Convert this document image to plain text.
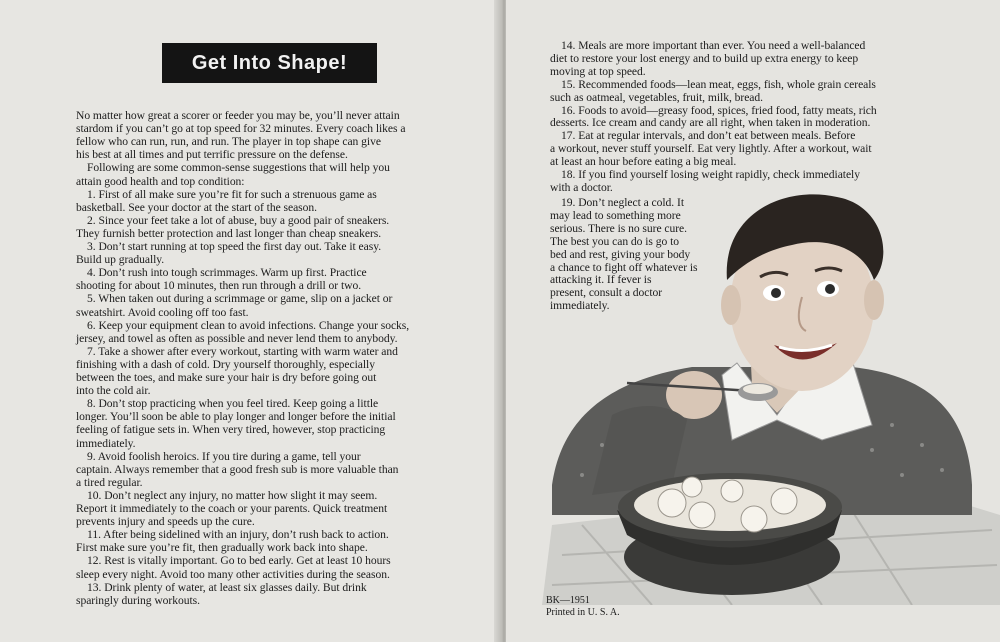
Get Into Shape!
No matter how great a scorer or feeder you may be, you’ll never attain
stardom if you can’t go at top speed for 32 minutes. Every coach likes a
fellow who can run, run, and run. The player in top shape can give
his best at all times and put terrific pressure on the defense.
Following are some common-sense suggestions that will help you
attain good health and top condition:
1. First of all make sure you’re fit for such a strenuous game as
basketball. See your doctor at the start of the season.
2. Since your feet take a lot of abuse, buy a good pair of sneakers.
They furnish better protection and last longer than cheap sneakers.
3. Don’t start running at top speed the first day out. Take it easy.
Build up gradually.
4. Don’t rush into tough scrimmages. Warm up first. Practice
shooting for about 10 minutes, then run through a drill or two.
5. When taken out during a scrimmage or game, slip on a jacket or
sweatshirt. Avoid cooling off too fast.
6. Keep your equipment clean to avoid infections. Change your socks,
jersey, and towel as often as possible and never lend them to anybody.
7. Take a shower after every workout, starting with warm water and
finishing with a dash of cold. Dry yourself thoroughly, especially
between the toes, and make sure your hair is dry before going out
into the cold air.
8. Don’t stop practicing when you feel tired. Keep going a little
longer. You’ll soon be able to play longer and longer before the initial
feeling of fatigue sets in. When very tired, however, stop practicing
immediately.
9. Avoid foolish heroics. If you tire during a game, tell your
captain. Always remember that a good fresh sub is more valuable than
a tired regular.
10. Don’t neglect any injury, no matter how slight it may seem.
Report it immediately to the coach or your parents. Quick treatment
prevents injury and speeds up the cure.
11. After being sidelined with an injury, don’t rush back to action.
First make sure you’re fit, then gradually work back into shape.
12. Rest is vitally important. Go to bed early. Get at least 10 hours
sleep every night. Avoid too many other activities during the season.
13. Drink plenty of water, at least six glasses daily. But drink
sparingly during workouts.
14. Meals are more important than ever. You need a well-balanced
diet to restore your lost energy and to build up extra energy to keep
moving at top speed.
15. Recommended foods—lean meat, eggs, fish, whole grain cereals
such as oatmeal, vegetables, fruit, milk, bread.
16. Foods to avoid—greasy food, spices, fried food, fatty meats, rich
desserts. Ice cream and candy are all right, when taken in moderation.
17. Eat at regular intervals, and don’t eat between meals. Before
a workout, never stuff yourself. Eat very lightly. After a workout, wait
at least an hour before eating a big meal.
18. If you find yourself losing weight rapidly, check immediately
with a doctor.
19. Don’t neglect a cold. It
may lead to something more
serious. There is no sure cure.
The best you can do is go to
bed and rest, giving your body
a chance to fight off whatever is
attacking it. If fever is
present, consult a doctor
immediately.
BK—1951
Printed in U. S. A.
